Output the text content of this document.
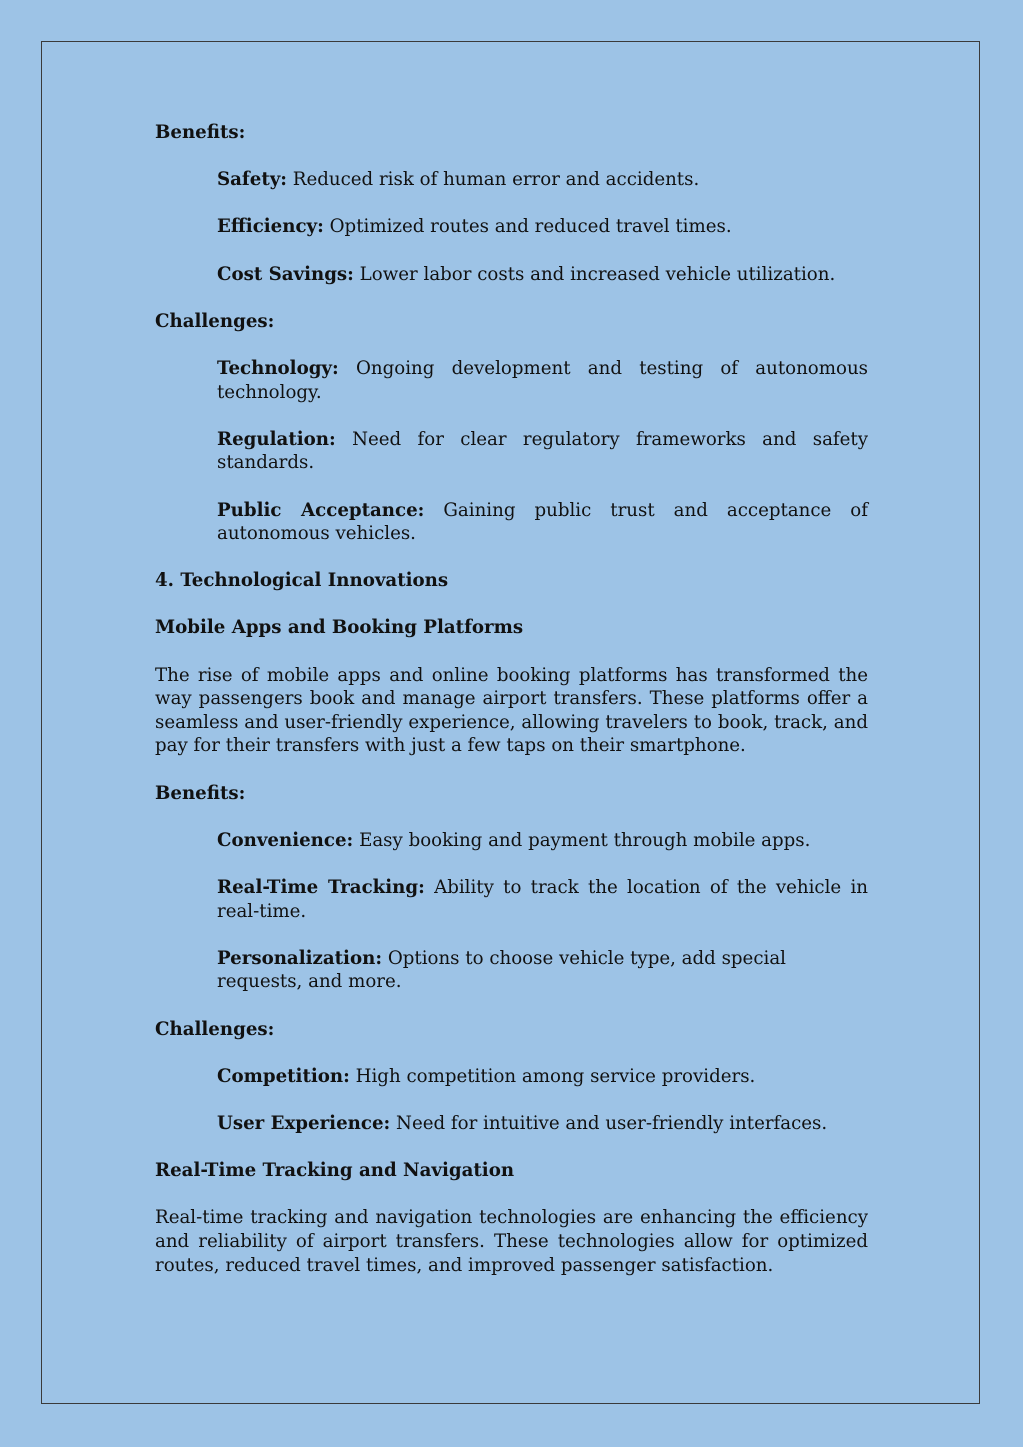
Benefits:
Safety: Reduced risk of human error and accidents.
Efficiency: Optimized routes and reduced travel times.
Cost Savings: Lower labor costs and increased vehicle utilization.
Challenges:
Technology: Ongoing development and testing of autonomous technology.
Regulation: Need for clear regulatory frameworks and safety standards.
Public Acceptance: Gaining public trust and acceptance of autonomous vehicles.
4. Technological Innovations
Mobile Apps and Booking Platforms
The rise of mobile apps and online booking platforms has transformed the way passengers book and manage airport transfers. These platforms offer a seamless and user-friendly experience, allowing travelers to book, track, and pay for their transfers with just a few taps on their smartphone.
Benefits:
Convenience: Easy booking and payment through mobile apps.
Real-Time Tracking: Ability to track the location of the vehicle in real-time.
Personalization: Options to choose vehicle type, add special requests, and more.
Challenges:
Competition: High competition among service providers.
User Experience: Need for intuitive and user-friendly interfaces.
Real-Time Tracking and Navigation
Real-time tracking and navigation technologies are enhancing the efficiency and reliability of airport transfers. These technologies allow for optimized routes, reduced travel times, and improved passenger satisfaction.
